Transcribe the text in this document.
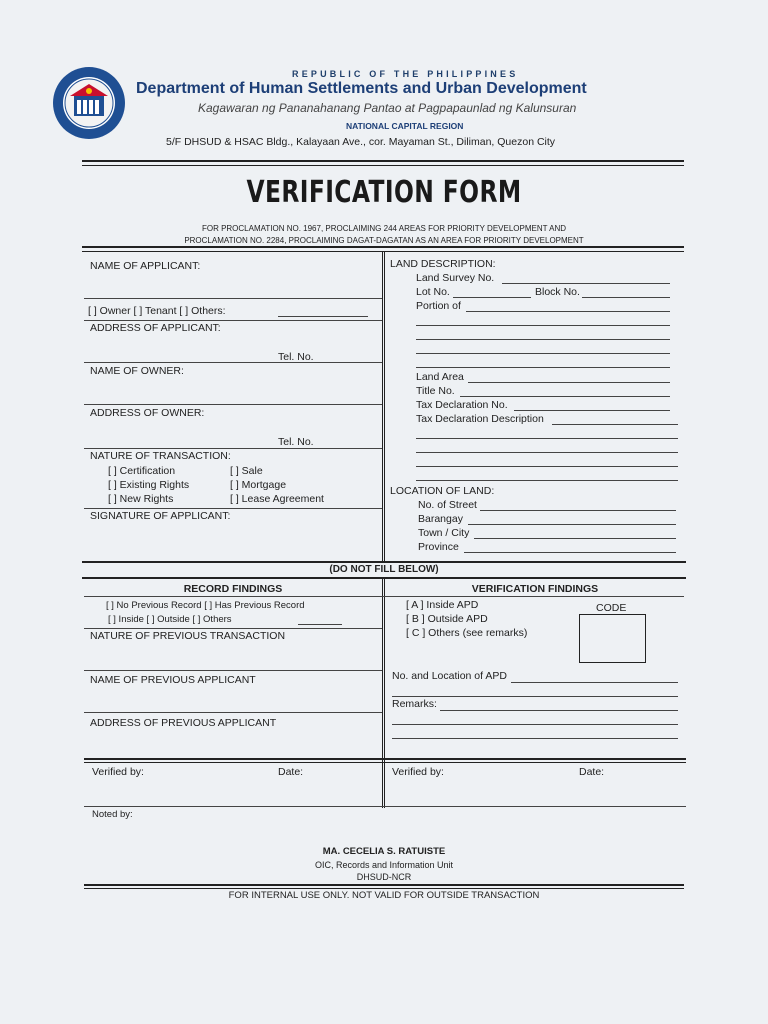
REPUBLIC OF THE PHILIPPINES
Department of Human Settlements and Urban Development
Kagawaran ng Pananahanang Pantao at Pagpapaunlad ng Kalunsuran
NATIONAL CAPITAL REGION
5/F DHSUD & HSAC Bldg., Kalayaan Ave., cor. Mayaman St., Diliman, Quezon City
VERIFICATION FORM
FOR PROCLAMATION NO. 1967, PROCLAIMING 244 AREAS FOR PRIORITY DEVELOPMENT AND
PROCLAMATION NO. 2284, PROCLAIMING DAGAT-DAGATAN AS AN AREA FOR PRIORITY DEVELOPMENT
NAME OF APPLICANT:
[ ] Owner [ ] Tenant [ ] Others:
ADDRESS OF APPLICANT:
Tel. No.
NAME OF OWNER:
ADDRESS OF OWNER:
Tel. No.
NATURE OF TRANSACTION:
[ ] Certification
[ ] Existing Rights
[ ] New Rights
[ ] Sale
[ ] Mortgage
[ ] Lease Agreement
SIGNATURE OF APPLICANT:
LAND DESCRIPTION:
Land Survey No.
Lot No.	Block No.
Portion of
Land Area
Title No.
Tax Declaration No.
Tax Declaration Description
LOCATION OF LAND:
No. of Street
Barangay
Town / City
Province
(DO NOT FILL BELOW)
RECORD FINDINGS	VERIFICATION FINDINGS
[ ] No Previous Record [ ] Has Previous Record
[ ] Inside [ ] Outside [ ] Others
NATURE OF PREVIOUS TRANSACTION
NAME OF PREVIOUS APPLICANT
ADDRESS OF PREVIOUS APPLICANT
[ A ] Inside APD
[ B ] Outside APD
[ C ] Others (see remarks)
CODE
No. and Location of APD
Remarks:
Verified by:	Date:	Verified by:	Date:
Noted by:
MA. CECELIA S. RATUISTE
OIC, Records and Information Unit
DHSUD-NCR
FOR INTERNAL USE ONLY. NOT VALID FOR OUTSIDE TRANSACTION
